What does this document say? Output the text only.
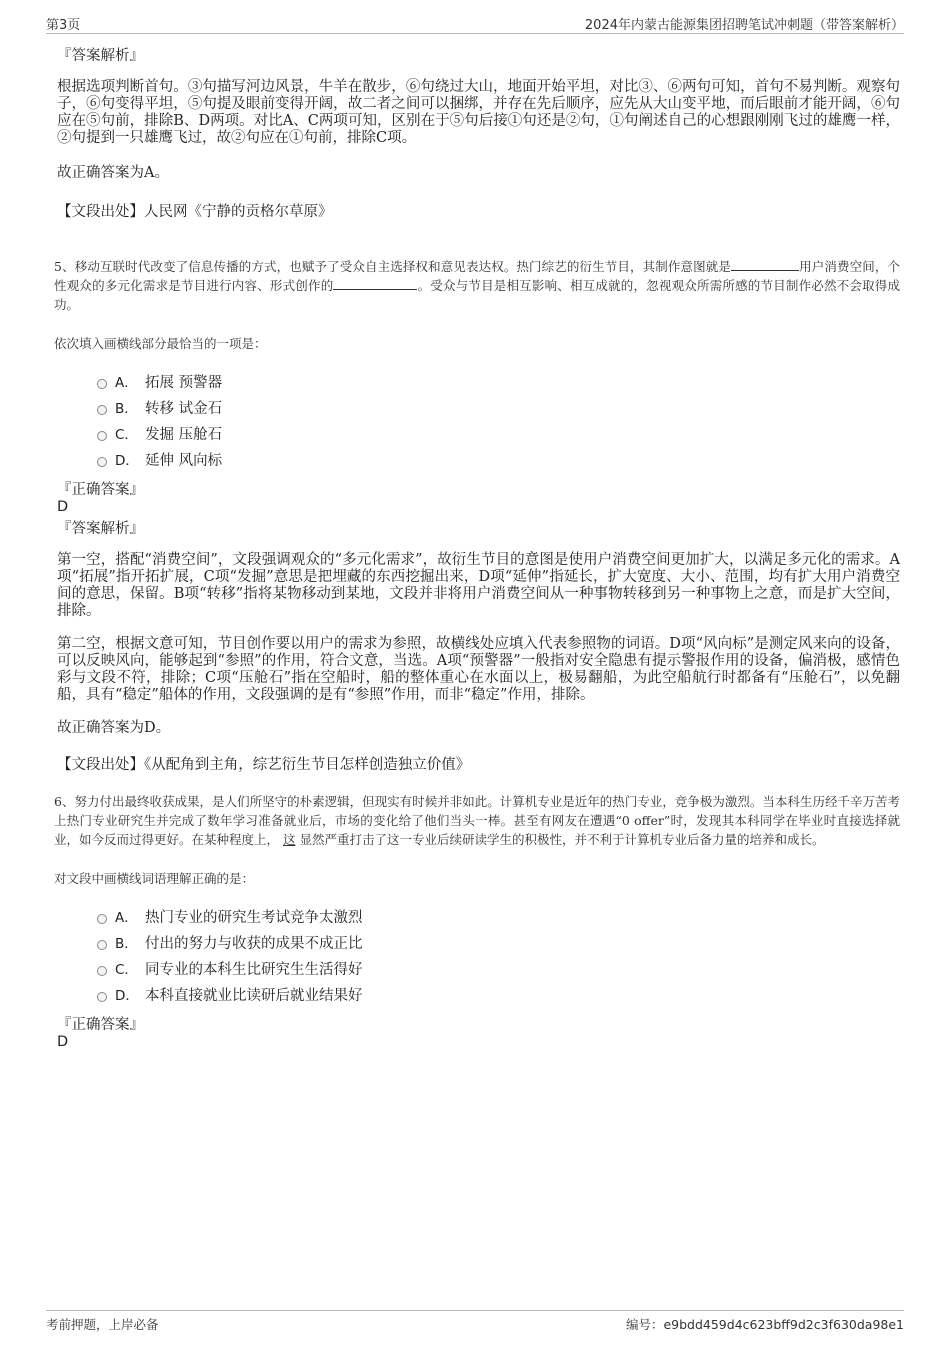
第3页	2024年内蒙古能源集团招聘笔试冲刺题（带答案解析）
『答案解析』

根据选项判断首句。③句描写河边风景，牛羊在散步，⑥句绕过大山，地面开始平坦，对比③、⑥两句可知，首句不易判断。观察句子，⑥句变得平坦，⑤句提及眼前变得开阔，故二者之间可以捆绑，并存在先后顺序，应先从大山变平地，而后眼前才能开阔，⑥句应在⑤句前，排除B、D两项。对比A、C两项可知，区别在于⑤句后接①句还是②句，①句阐述自己的心想跟刚刚飞过的雄鹰一样，②句提到一只雄鹰飞过，故②句应在①句前，排除C项。

故正确答案为A。

【文段出处】人民网《宁静的贡格尔草原》

5、移动互联时代改变了信息传播的方式，也赋予了受众自主选择权和意见表达权。热门综艺的衍生节目，其制作意图就是	用户消费空间，个性观众的多元化需求是节目进行内容、形式创作的	。受众与节目是相互影响、相互成就的，忽视观众所需所感的节目制作必然不会取得成功。

依次填入画横线部分最恰当的一项是：

A． 拓展 预警器
B． 转移 试金石
C． 发掘 压舱石
D． 延伸 风向标
『正确答案』
D
『答案解析』

第一空，搭配“消费空间”，文段强调观众的“多元化需求”，故衍生节目的意图是使用户消费空间更加扩大，以满足多元化的需求。A项“拓展”指开拓扩展，C项“发掘”意思是把埋藏的东西挖掘出来，D项“延伸”指延长，扩大宽度、大小、范围，均有扩大用户消费空间的意思，保留。B项“转移”指将某物移动到某地，文段并非将用户消费空间从一种事物转移到另一种事物上之意，而是扩大空间，排除。

第二空，根据文意可知，节目创作要以用户的需求为参照，故横线处应填入代表参照物的词语。D项“风向标”是测定风来向的设备，可以反映风向，能够起到“参照”的作用，符合文意，当选。A项“预警器”一般指对安全隐患有提示警报作用的设备，偏消极，感情色彩与文段不符，排除；C项“压舱石”指在空船时，船的整体重心在水面以上，极易翻船，为此空船航行时都备有“压舱石”，以免翻船，具有“稳定”船体的作用，文段强调的是有“参照”作用，而非“稳定”作用，排除。

故正确答案为D。

【文段出处】《从配角到主角，综艺衍生节目怎样创造独立价值》

6、努力付出最终收获成果，是人们所坚守的朴素逻辑，但现实有时候并非如此。计算机专业是近年的热门专业，竞争极为激烈。当本科生历经千辛万苦考上热门专业研究生并完成了数年学习准备就业后，市场的变化给了他们当头一棒。甚至有网友在遭遇“0 offer”时，发现其本科同学在毕业时直接选择就业，如今反而过得更好。在某种程度上， 这 显然严重打击了这一专业后续研读学生的积极性，并不利于计算机专业后备力量的培养和成长。

对文段中画横线词语理解正确的是：

A． 热门专业的研究生考试竞争太激烈
B． 付出的努力与收获的成果不成正比
C． 同专业的本科生比研究生生活得好
D． 本科直接就业比读研后就业结果好
『正确答案』
D
考前押题，上岸必备	编号：e9bdd459d4c623bff9d2c3f630da98e1
